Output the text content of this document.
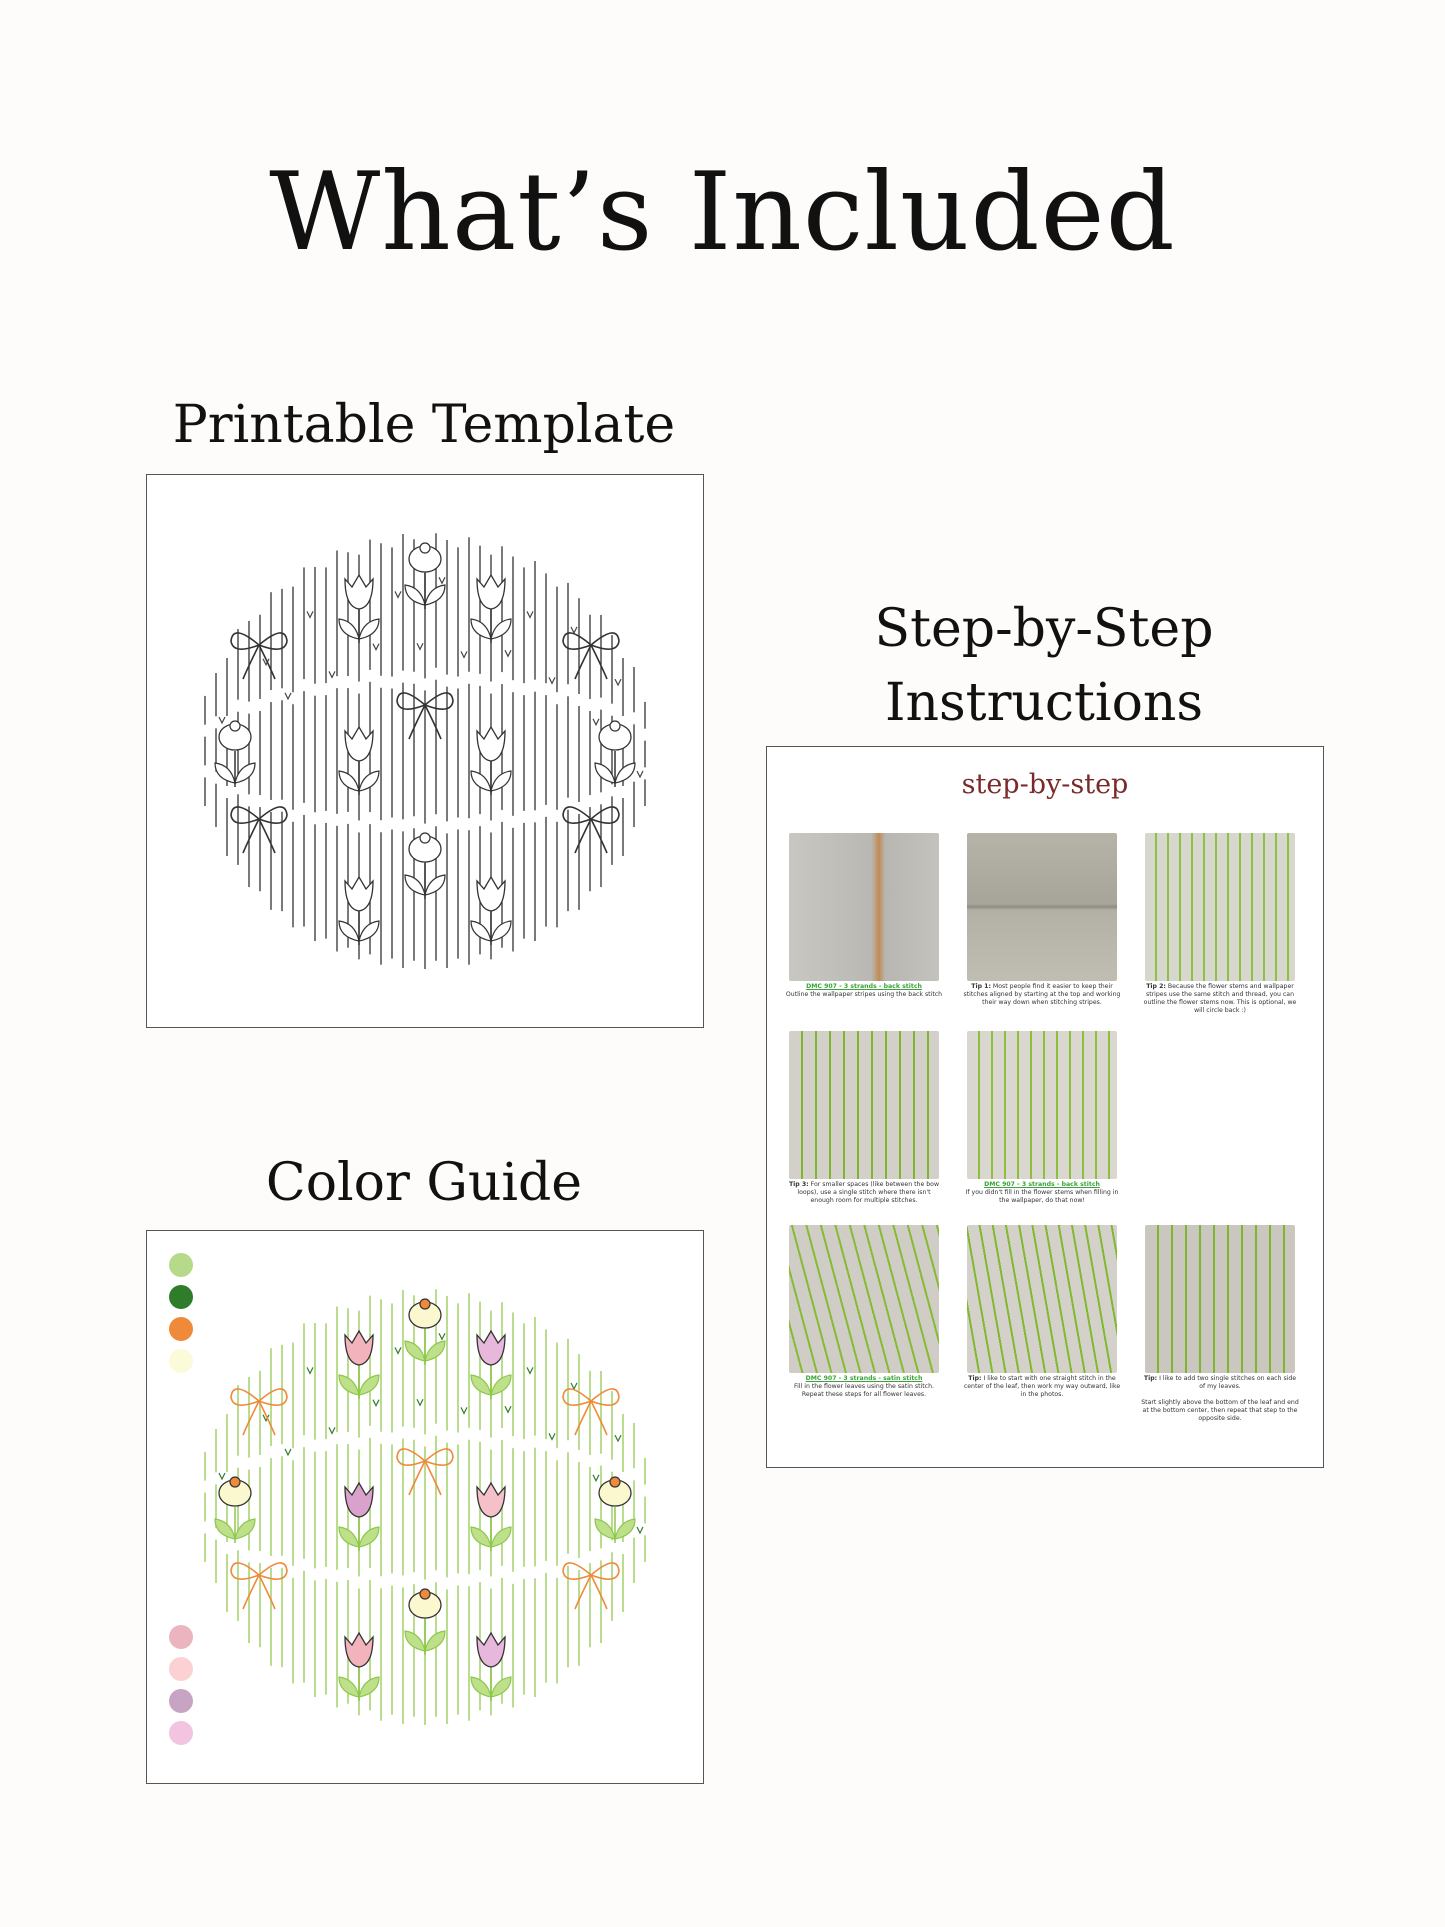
What’s Included
Printable Template
Color Guide
Step-by-Step
Instructions
step-by-step
DMC 907 - 3 strands - back stitch
Outline the wallpaper stripes using the back stitch
Tip 1: Most people find it easier to keep their stitches aligned by starting at the top and working their way down when stitching stripes.
Tip 2: Because the flower stems and wallpaper stripes use the same stitch and thread, you can outline the flower stems now. This is optional, we will circle back :)
Tip 3: For smaller spaces (like between the bow loops), use a single stitch where there isn't enough room for multiple stitches.
DMC 907 - 3 strands - back stitch
If you didn't fill in the flower stems when filling in the wallpaper, do that now!
DMC 907 - 3 strands - satin stitch
Fill in the flower leaves using the satin stitch. Repeat these steps for all flower leaves.
Tip: I like to start with one straight stitch in the center of the leaf, then work my way outward, like in the photos.
Tip: I like to add two single stitches on each side of my leaves.

Start slightly above the bottom of the leaf and end at the bottom center, then repeat that step to the opposite side.
